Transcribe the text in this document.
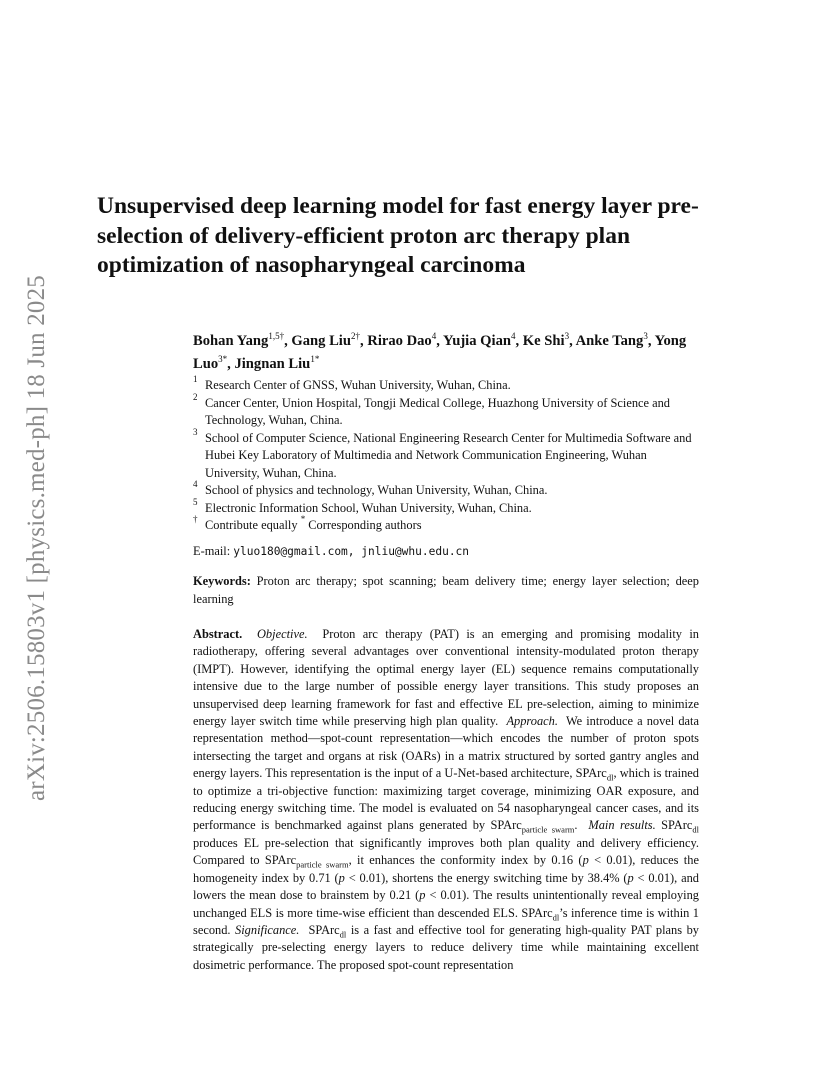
arXiv:2506.15803v1 [physics.med-ph] 18 Jun 2025
Unsupervised deep learning model for fast energy layer pre-selection of delivery-efficient proton arc therapy plan optimization of nasopharyngeal carcinoma
Bohan Yang$^{1,5\dagger}$, Gang Liu$^{2\dagger}$, Rirao Dao$^4$, Yujia Qian$^4$, Ke Shi$^3$, Anke Tang$^3$, Yong Luo$^{3*}$, Jingnan Liu$^{1*}$

$^1$ Research Center of GNSS, Wuhan University, Wuhan, China.

$^2$ Cancer Center, Union Hospital, Tongji Medical College, Huazhong University of Science and Technology, Wuhan, China.

$^3$ School of Computer Science, National Engineering Research Center for Multimedia Software and Hubei Key Laboratory of Multimedia and Network Communication Engineering, Wuhan University, Wuhan, China.

$^4$ School of physics and technology, Wuhan University, Wuhan, China.

$^5$ Electronic Information School, Wuhan University, Wuhan, China.

† Contribute equally * Corresponding authors

E-mail: yluo180@gmail.com, jnliu@whu.edu.cn
Keywords: Proton arc therapy; spot scanning; beam delivery time; energy layer selection; deep learning
Abstract. Objective. Proton arc therapy (PAT) is an emerging and promising modality in radiotherapy, offering several advantages over conventional intensity-modulated proton therapy (IMPT). However, identifying the optimal energy layer (EL) sequence remains computationally intensive due to the large number of possible energy layer transitions. This study proposes an unsupervised deep learning framework for fast and effective EL pre-selection, aiming to minimize energy layer switch time while preserving high plan quality. Approach. We introduce a novel data representation method—spot-count representation—which encodes the number of proton spots intersecting the target and organs at risk (OARs) in a matrix structured by sorted gantry angles and energy layers. This representation is the input of a U-Net-based architecture, SPArc$_{dl}$, which is trained to optimize a tri-objective function: maximizing target coverage, minimizing OAR exposure, and reducing energy switching time. The model is evaluated on 54 nasopharyngeal cancer cases, and its performance is benchmarked against plans generated by SPArc$_{particle swarm}$. Main results. SPArc$_{dl}$ produces EL pre-selection that significantly improves both plan quality and delivery efficiency. Compared to SPArc$_{particle swarm}$, it enhances the conformity index by 0.16 (p < 0.01), reduces the homogeneity index by 0.71 (p < 0.01), shortens the energy switching time by 38.4% (p < 0.01), and lowers the mean dose to brainstem by 0.21 (p < 0.01). The results unintentionally reveal employing unchanged ELS is more time-wise efficient than descended ELS. SPArc$_{dl}$’s inference time is within 1 second. Significance. SPArc$_{dl}$ is a fast and effective tool for generating high-quality PAT plans by strategically pre-selecting energy layers to reduce delivery time while maintaining excellent dosimetric performance. The proposed spot-count representation
